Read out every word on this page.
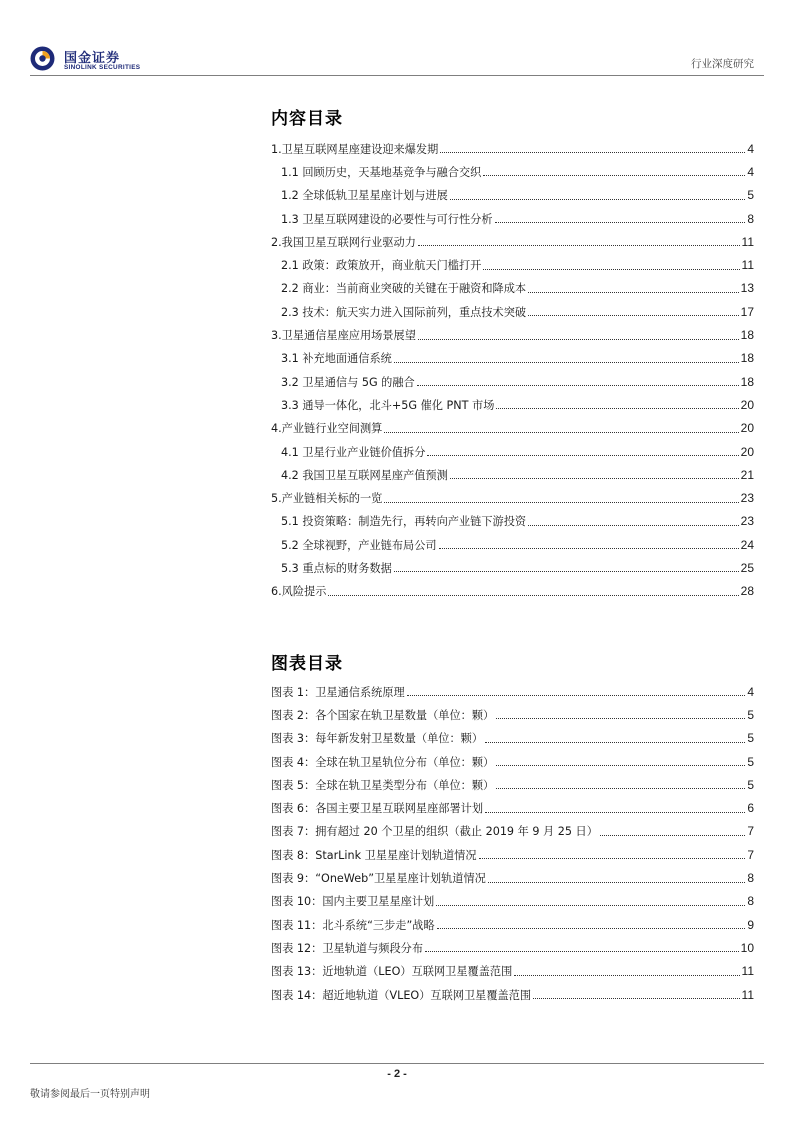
国金证券
SINOLINK SECURITIES	行业深度研究
内容目录
1.卫星互联网星座建设迎来爆发期	4
1.1 回顾历史，天基地基竞争与融合交织	4
1.2 全球低轨卫星星座计划与进展	5
1.3 卫星互联网建设的必要性与可行性分析	8
2.我国卫星互联网行业驱动力	11
2.1 政策：政策放开，商业航天门槛打开	11
2.2 商业：当前商业突破的关键在于融资和降成本	13
2.3 技术：航天实力进入国际前列，重点技术突破	17
3.卫星通信星座应用场景展望	18
3.1 补充地面通信系统	18
3.2 卫星通信与 5G 的融合	18
3.3 通导一体化，北斗+5G 催化 PNT 市场	20
4.产业链行业空间测算	20
4.1 卫星行业产业链价值拆分	20
4.2 我国卫星互联网星座产值预测	21
5.产业链相关标的一览	23
5.1 投资策略：制造先行，再转向产业链下游投资	23
5.2 全球视野，产业链布局公司	24
5.3 重点标的财务数据	25
6.风险提示	28
图表目录
图表 1：卫星通信系统原理	4
图表 2：各个国家在轨卫星数量（单位：颗）	5
图表 3：每年新发射卫星数量（单位：颗）	5
图表 4：全球在轨卫星轨位分布（单位：颗）	5
图表 5：全球在轨卫星类型分布（单位：颗）	5
图表 6：各国主要卫星互联网星座部署计划	6
图表 7：拥有超过 20 个卫星的组织（截止 2019 年 9 月 25 日）	7
图表 8：StarLink 卫星星座计划轨道情况	7
图表 9：“OneWeb”卫星星座计划轨道情况	8
图表 10：国内主要卫星星座计划	8
图表 11：北斗系统“三步走”战略	9
图表 12：卫星轨道与频段分布	10
图表 13：近地轨道（LEO）互联网卫星覆盖范围	11
图表 14：超近地轨道（VLEO）互联网卫星覆盖范围	11
- 2 -
敬请参阅最后一页特别声明
